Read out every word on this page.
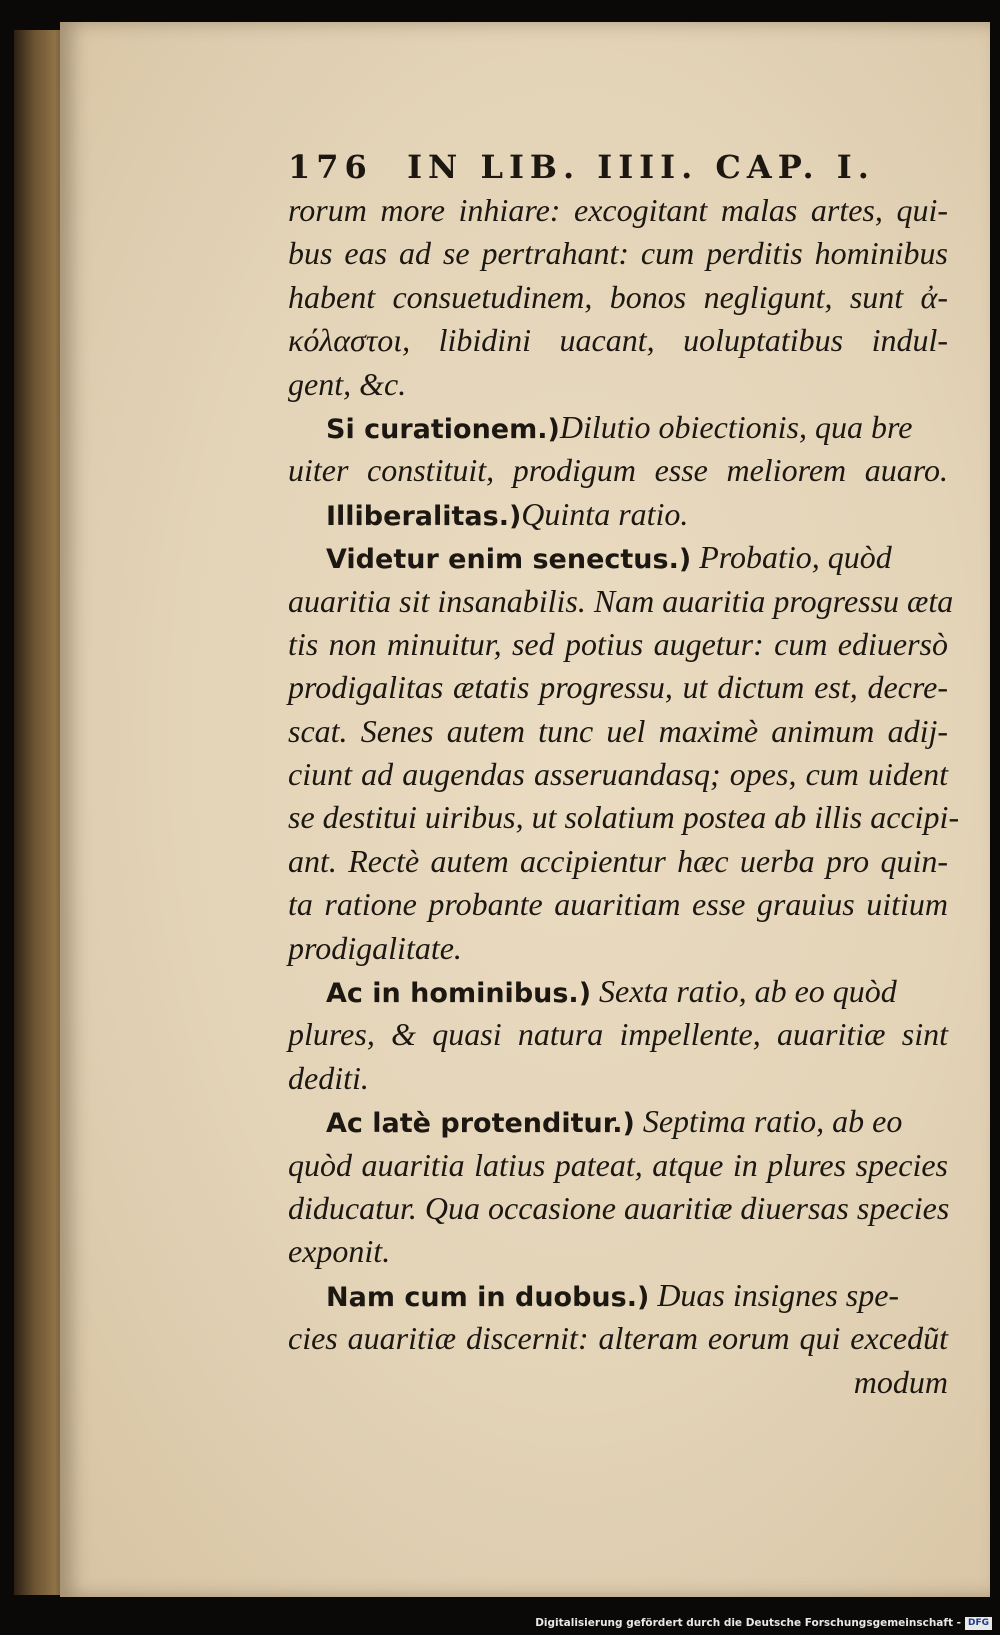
176 IN LIB. IIII. CAP. I.
rorum more inhiare: excogitant malas artes, qui-
bus eas ad se pertrahant: cum perditis hominibus
habent consuetudinem, bonos negligunt, sunt ἀ-
κόλαστοι, libidini uacant, uoluptatibus indul-
gent, &c.
Si curationem.)Dilutio obiectionis, qua bre
uiter constituit, prodigum esse meliorem auaro.
Illiberalitas.)Quinta ratio.
Videtur enim senectus.) Probatio, quòd
auaritia sit insanabilis. Nam auaritia progressu æta
tis non minuitur, sed potius augetur: cum ediuersò
prodigalitas ætatis progressu, ut dictum est, decre-
scat. Senes autem tunc uel maximè animum adij-
ciunt ad augendas asseruandasq; opes, cum uident
se destitui uiribus, ut solatium postea ab illis accipi-
ant. Rectè autem accipientur hæc uerba pro quin-
ta ratione probante auaritiam esse grauius uitium
prodigalitate.
Ac in hominibus.) Sexta ratio, ab eo quòd
plures, & quasi natura impellente, auaritiæ sint
dediti.
Ac latè protenditur.) Septima ratio, ab eo
quòd auaritia latius pateat, atque in plures species
diducatur. Qua occasione auaritiæ diuersas species
exponit.
Nam cum in duobus.) Duas insignes spe-
cies auaritiæ discernit: alteram eorum qui excedũt
modum
Digitalisierung gefördert durch die Deutsche Forschungsgemeinschaft - DFG
